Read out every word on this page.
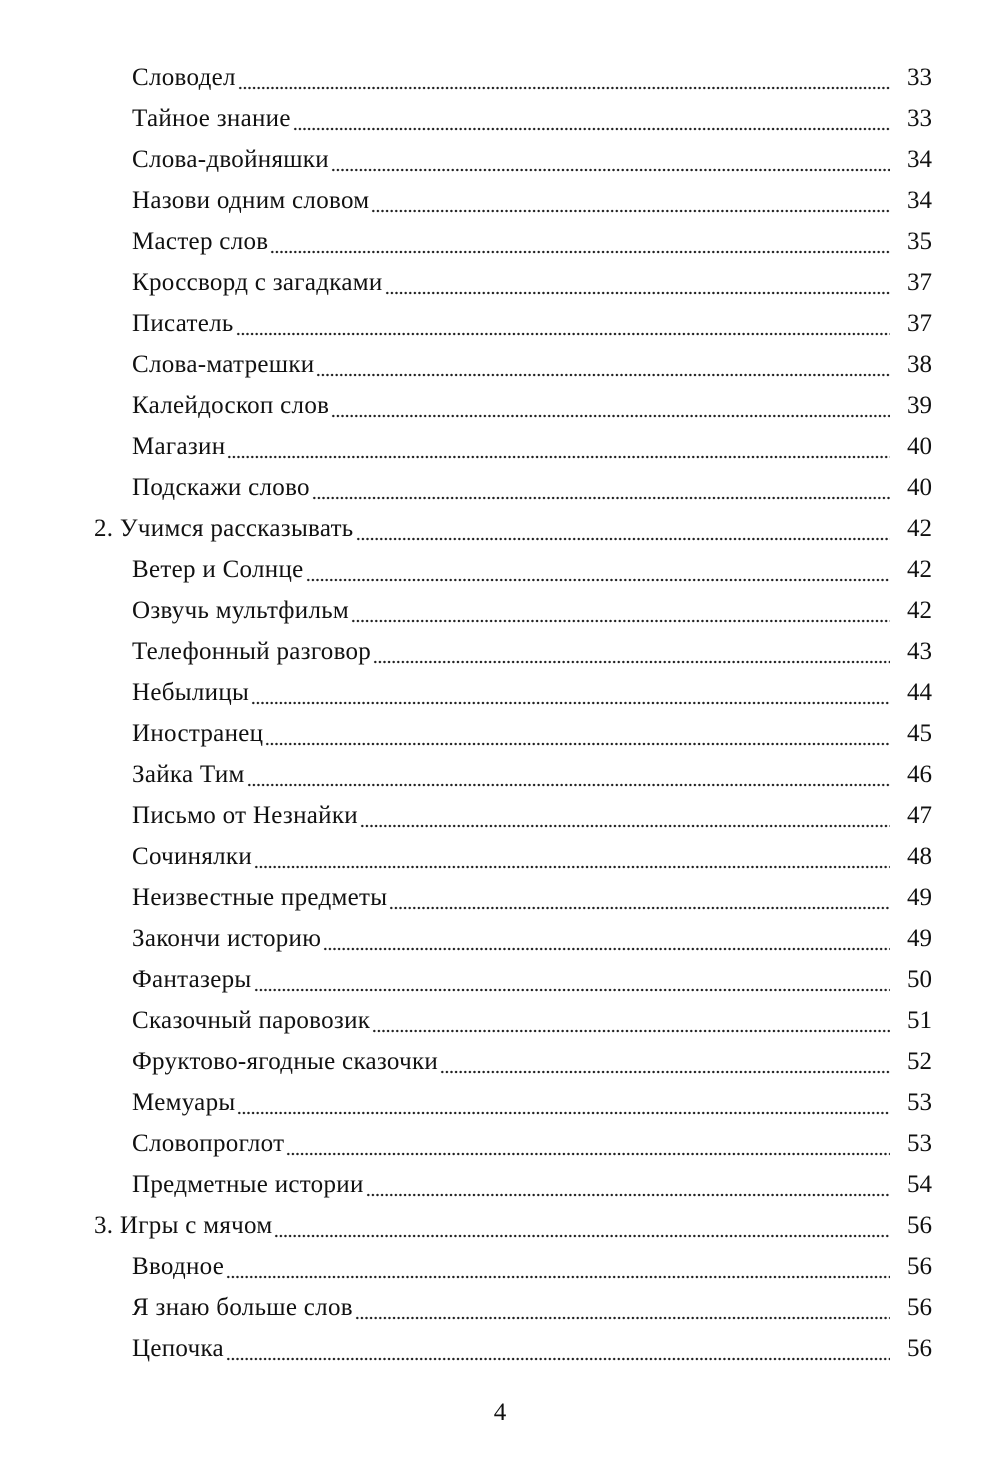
Словодел	33
Тайное знание	33
Слова-двойняшки	34
Назови одним словом	34
Мастер слов	35
Кроссворд с загадками	37
Писатель	37
Слова-матрешки	38
Калейдоскоп слов	39
Магазин	40
Подскажи слово	40
2. Учимся рассказывать	42
Ветер и Солнце	42
Озвучь мультфильм	42
Телефонный разговор	43
Небылицы	44
Иностранец	45
Зайка Тим	46
Письмо от Незнайки	47
Сочинялки	48
Неизвестные предметы	49
Закончи историю	49
Фантазеры	50
Сказочный паровозик	51
Фруктово-ягодные сказочки	52
Мемуары	53
Словопроглот	53
Предметные истории	54
3. Игры с мячом	56
Вводное	56
Я знаю больше слов	56
Цепочка	56
4
